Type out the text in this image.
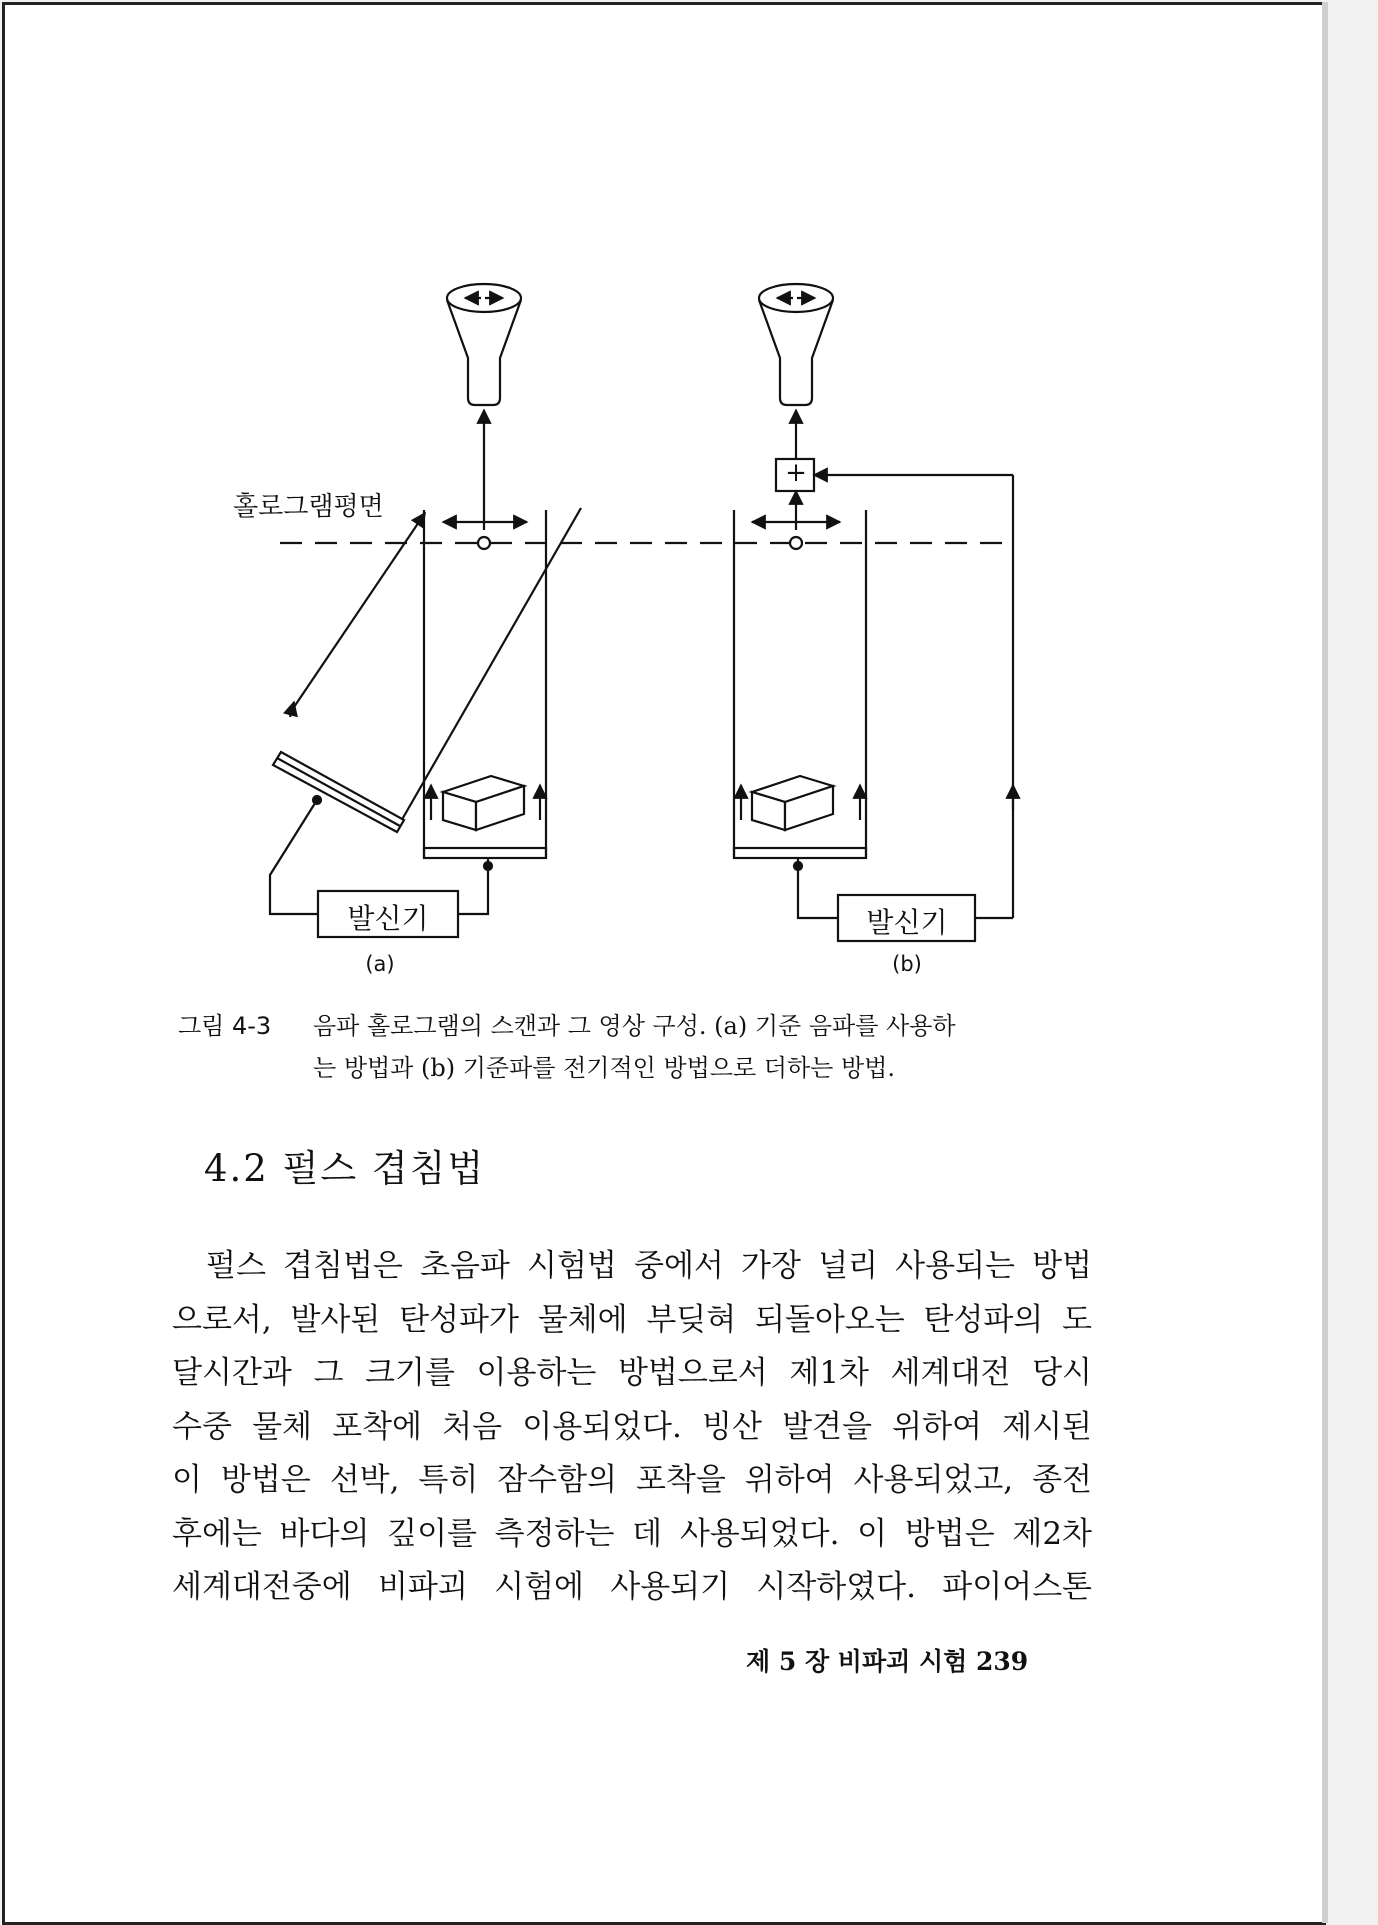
홀로그램평면
+
발신기	발신기
(a)	(b)
그림 4-3 음파 홀로그램의 스캔과 그 영상 구성. (a) 기준 음파를 사용하
는 방법과 (b) 기준파를 전기적인 방법으로 더하는 방법.
4.2 펄스 겹침법
펄스 겹침법은 초음파 시험법 중에서 가장 널리 사용되는 방법
으로서, 발사된 탄성파가 물체에 부딪혀 되돌아오는 탄성파의 도
달시간과 그 크기를 이용하는 방법으로서 제1차 세계대전 당시
수중 물체 포착에 처음 이용되었다. 빙산 발견을 위하여 제시된
이 방법은 선박, 특히 잠수함의 포착을 위하여 사용되었고, 종전
후에는 바다의 깊이를 측정하는 데 사용되었다. 이 방법은 제2차
세계대전중에 비파괴 시험에 사용되기 시작하였다. 파이어스톤
제 5 장 비파괴 시험 239
